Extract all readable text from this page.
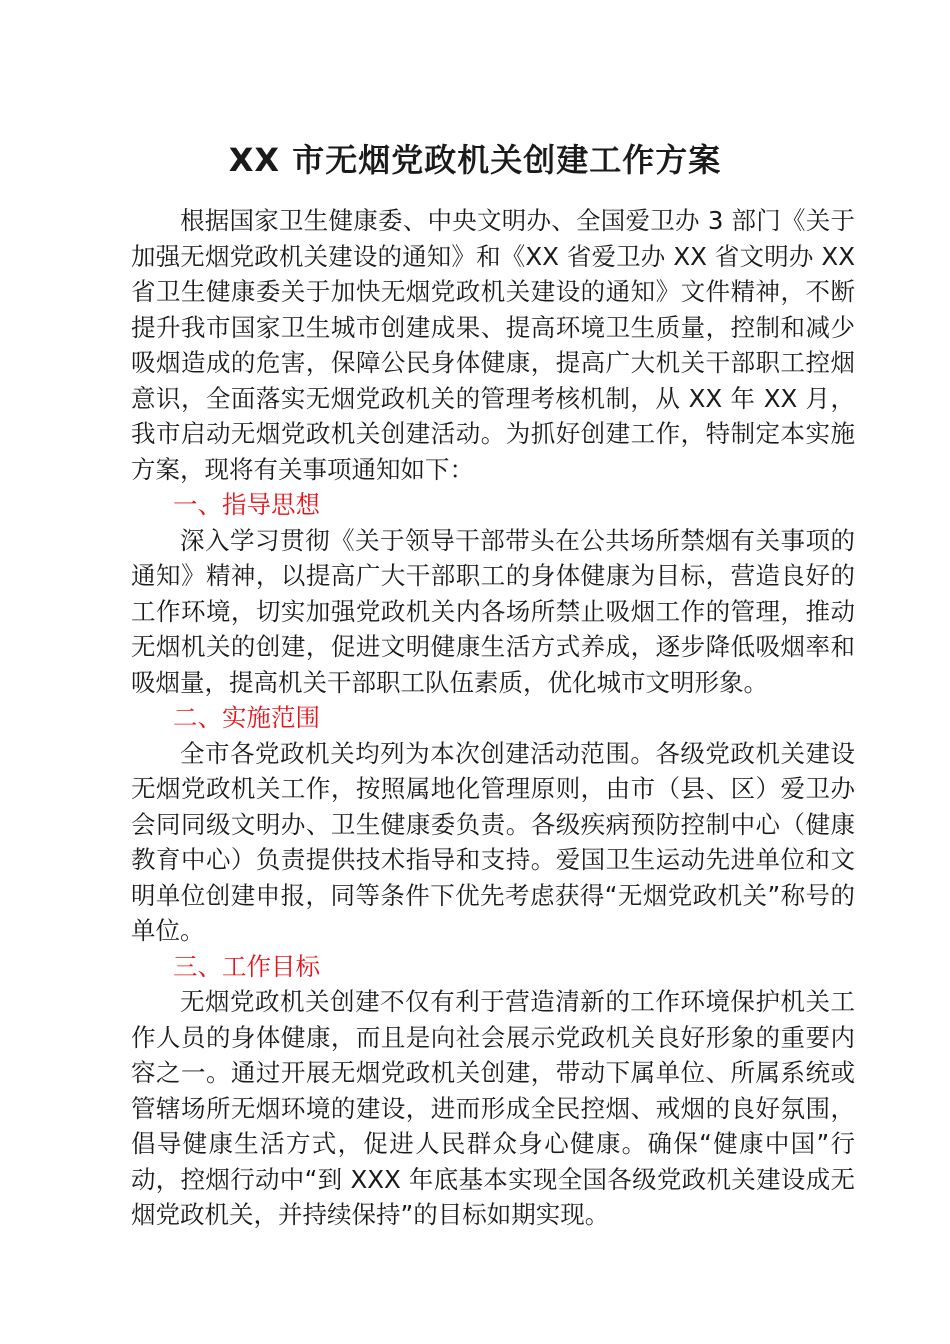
XX 市无烟党政机关创建工作方案

根据国家卫生健康委、中央文明办、全国爱卫办 3 部门《关于加强无烟党政机关建设的通知》和《XX 省爱卫办 XX 省文明办 XX 省卫生健康委关于加快无烟党政机关建设的通知》文件精神，不断提升我市国家卫生城市创建成果、提高环境卫生质量，控制和减少吸烟造成的危害，保障公民身体健康，提高广大机关干部职工控烟意识，全面落实无烟党政机关的管理考核机制，从 XX 年 XX 月，我市启动无烟党政机关创建活动。为抓好创建工作，特制定本实施方案，现将有关事项通知如下：

一、指导思想

深入学习贯彻《关于领导干部带头在公共场所禁烟有关事项的通知》精神，以提高广大干部职工的身体健康为目标，营造良好的工作环境，切实加强党政机关内各场所禁止吸烟工作的管理，推动无烟机关的创建，促进文明健康生活方式养成，逐步降低吸烟率和吸烟量，提高机关干部职工队伍素质，优化城市文明形象。

二、实施范围

全市各党政机关均列为本次创建活动范围。各级党政机关建设无烟党政机关工作，按照属地化管理原则，由市（县、区）爱卫办会同同级文明办、卫生健康委负责。各级疾病预防控制中心（健康教育中心）负责提供技术指导和支持。爱国卫生运动先进单位和文明单位创建申报，同等条件下优先考虑获得“无烟党政机关”称号的单位。

三、工作目标

无烟党政机关创建不仅有利于营造清新的工作环境保护机关工作人员的身体健康，而且是向社会展示党政机关良好形象的重要内容之一。通过开展无烟党政机关创建，带动下属单位、所属系统或管辖场所无烟环境的建设，进而形成全民控烟、戒烟的良好氛围，倡导健康生活方式，促进人民群众身心健康。确保“健康中国”行动，控烟行动中“到 XXX 年底基本实现全国各级党政机关建设成无烟党政机关，并持续保持”的目标如期实现。
